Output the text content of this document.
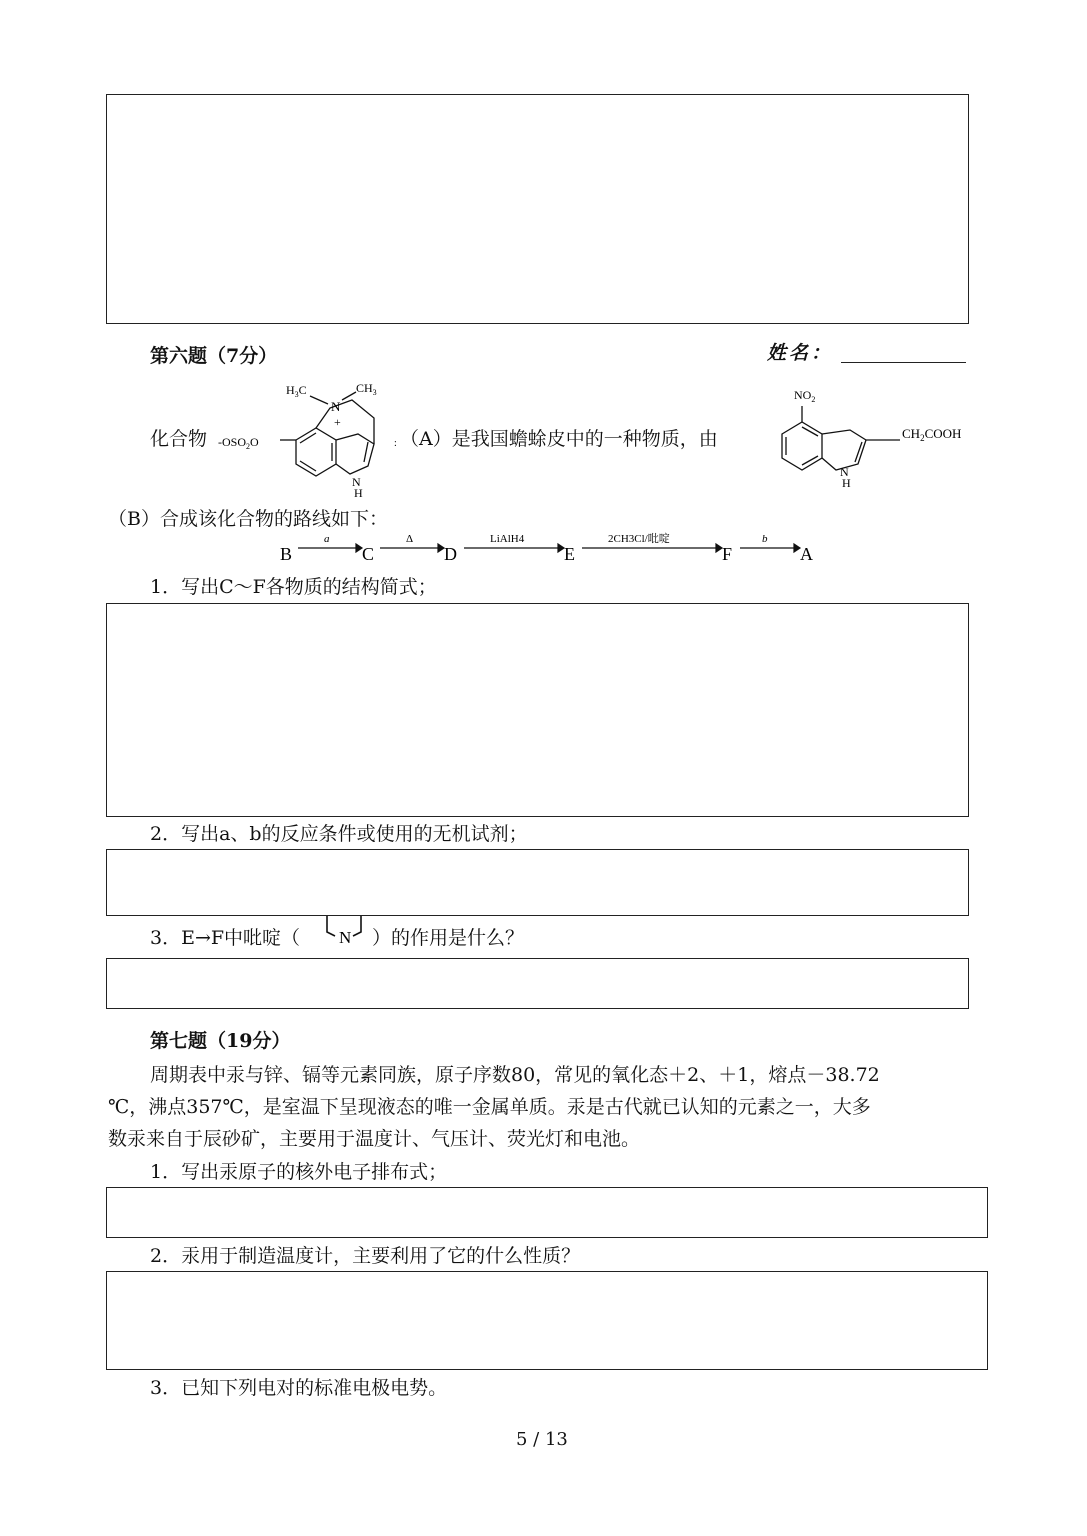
第六题（7分）	姓名：
化合物
$H_3C$	$CH_3$
N
+
$-OSO_2O$
N
H
: （A）是我国蟾蜍皮中的一种物质，由
$NO_2$
$CH_2COOH$
N
H
（B）合成该化合物的路线如下：
B	C	D	E	F	A
a	Δ	LiAlH4	2CH3Cl/吡啶	b
1．写出C～F各物质的结构简式；
2．写出a、b的反应条件或使用的无机试剂；
3．E→F中吡啶（ N ）的作用是什么？
第七题（19分）
周期表中汞与锌、镉等元素同族，原子序数80，常见的氧化态＋2、＋1，熔点－38.72
℃，沸点357℃，是室温下呈现液态的唯一金属单质。汞是古代就已认知的元素之一，大多
数汞来自于辰砂矿，主要用于温度计、气压计、荧光灯和电池。
1．写出汞原子的核外电子排布式；
2．汞用于制造温度计，主要利用了它的什么性质？
3．已知下列电对的标准电极电势。
5 / 13
